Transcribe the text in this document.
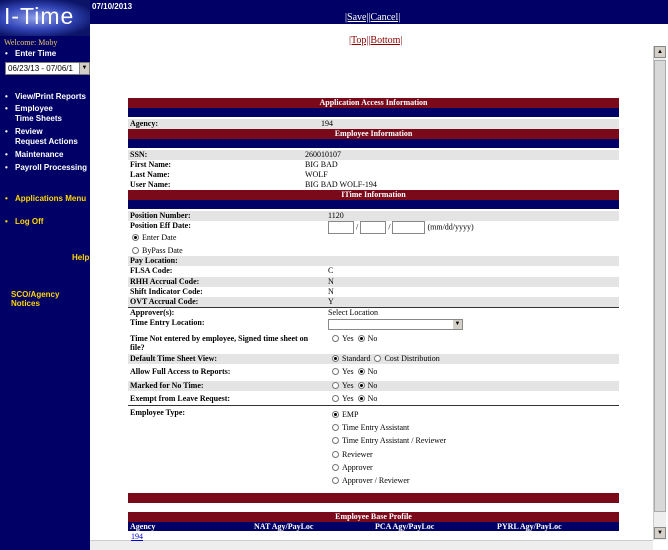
I-Time
Welcome: Moby
• Enter Time
06/23/13 - 07/06/1	▼
• View/Print Reports
• Employee
Time Sheets
• Review
Request Actions
• Maintenance
• Payroll Processing
• Applications Menu
• Log Off
Help
SCO/Agency Notices
07/10/2013
|Save||Cancel|
|Top||Bottom|
▲
▼
Application Access Information
Agency:	194
Employee Information
SSN:	260010107
First Name:	BIG BAD
Last Name:	WOLF
User Name:	BIG BAD WOLF-194
ITime Information
Position Number:	1120
Position Eff Date:	/	/	(mm/dd/yyyy)
Enter Date
ByPass Date
Pay Location:
FLSA Code:	C
RHH Accrual Code:	N
Shift Indicator Code:	N
OVT Accrual Code:	Y
Approver(s):	Select Location
Time Entry Location:	▼
Time Not entered by employee, Signed time sheet on
file?
Yes No
Default Time Sheet View:	Standard Cost Distribution
Allow Full Access to Reports:	Yes No
Marked for No Time:	Yes No
Exempt from Leave Request:	Yes No
Employee Type:	EMP
Time Entry Assistant
Time Entry Assistant / Reviewer
Reviewer
Approver
Approver / Reviewer
Employee Base Profile
Agency	NAT Agy/PayLoc	PCA Agy/PayLoc	PYRL Agy/PayLoc
194
